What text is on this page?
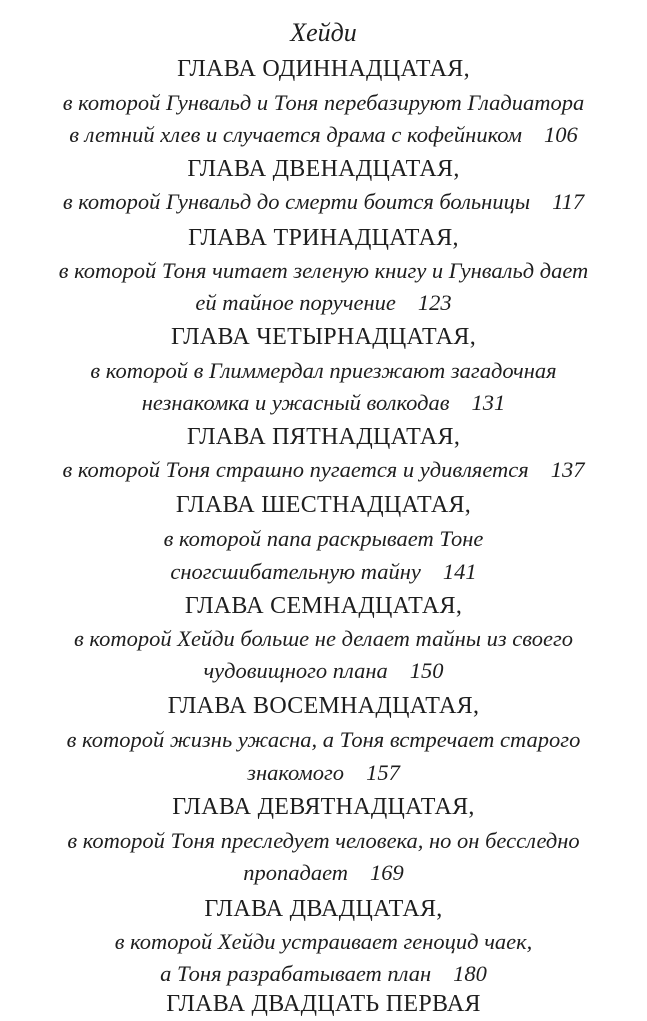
Хейди
ГЛАВА ОДИННАДЦАТАЯ,
в которой Гунвальд и Тоня перебазируют Гладиатора
в летний хлев и случается драма с кофейником 106
ГЛАВА ДВЕНАДЦАТАЯ,
в которой Гунвальд до смерти боится больницы 117
ГЛАВА ТРИНАДЦАТАЯ,
в которой Тоня читает зеленую книгу и Гунвальд дает
ей тайное поручение 123
ГЛАВА ЧЕТЫРНАДЦАТАЯ,
в которой в Глиммердал приезжают загадочная
незнакомка и ужасный волкодав 131
ГЛАВА ПЯТНАДЦАТАЯ,
в которой Тоня страшно пугается и удивляется 137
ГЛАВА ШЕСТНАДЦАТАЯ,
в которой папа раскрывает Тоне
сногсшибательную тайну 141
ГЛАВА СЕМНАДЦАТАЯ,
в которой Хейди больше не делает тайны из своего
чудовищного плана 150
ГЛАВА ВОСЕМНАДЦАТАЯ,
в которой жизнь ужасна, а Тоня встречает старого
знакомого 157
ГЛАВА ДЕВЯТНАДЦАТАЯ,
в которой Тоня преследует человека, но он бесследно
пропадает 169
ГЛАВА ДВАДЦАТАЯ,
в которой Хейди устраивает геноцид чаек,
а Тоня разрабатывает план 180
ГЛАВА ДВАДЦАТЬ ПЕРВАЯ
